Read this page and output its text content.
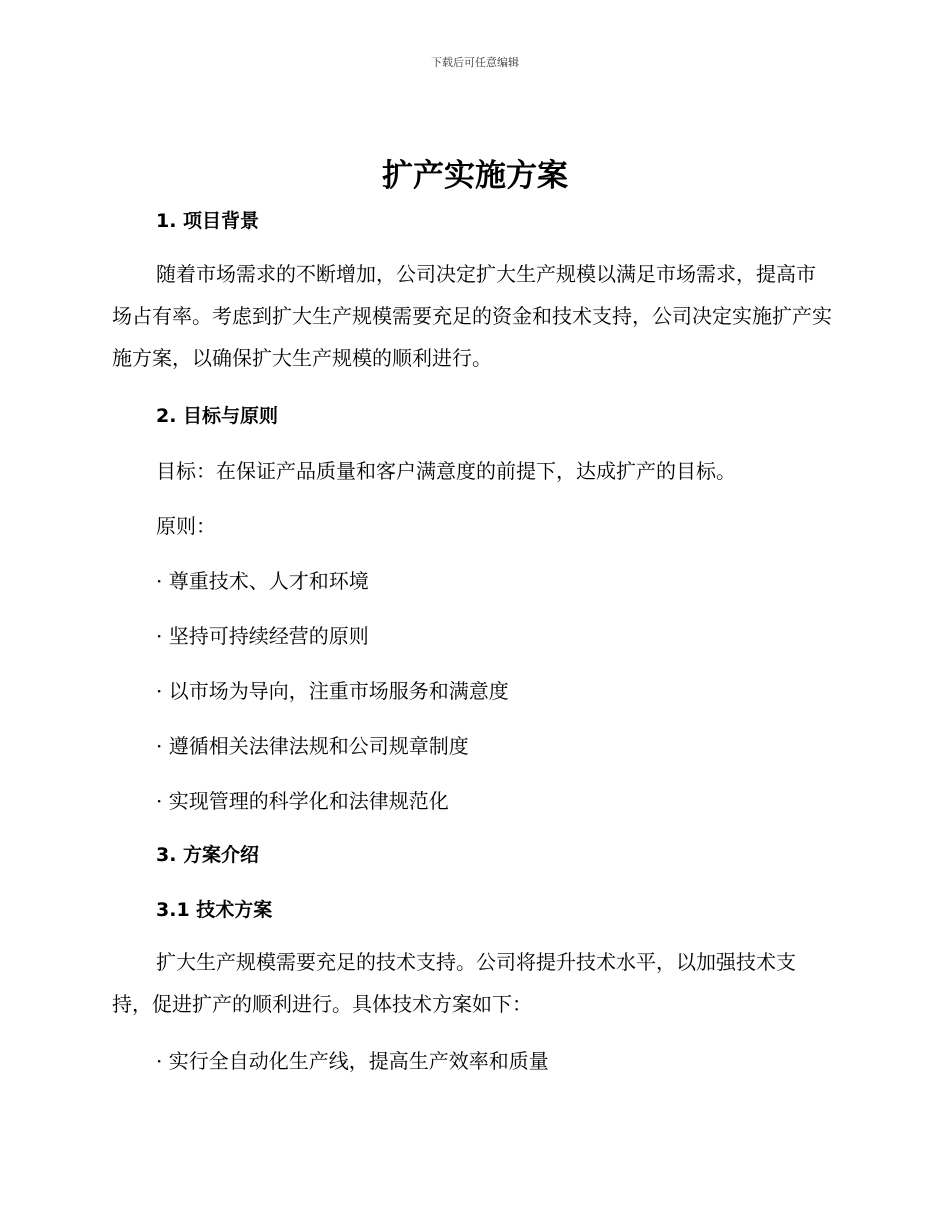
下载后可任意编辑
扩产实施方案
1. 项目背景
随着市场需求的不断增加，公司决定扩大生产规模以满足市场需求，提高市场占有率。考虑到扩大生产规模需要充足的资金和技术支持，公司决定实施扩产实施方案，以确保扩大生产规模的顺利进行。
2. 目标与原则
目标：在保证产品质量和客户满意度的前提下，达成扩产的目标。
原则：
· 尊重技术、人才和环境
· 坚持可持续经营的原则
· 以市场为导向，注重市场服务和满意度
· 遵循相关法律法规和公司规章制度
· 实现管理的科学化和法律规范化
3. 方案介绍
3.1 技术方案
扩大生产规模需要充足的技术支持。公司将提升技术水平，以加强技术支持，促进扩产的顺利进行。具体技术方案如下：
· 实行全自动化生产线，提高生产效率和质量
